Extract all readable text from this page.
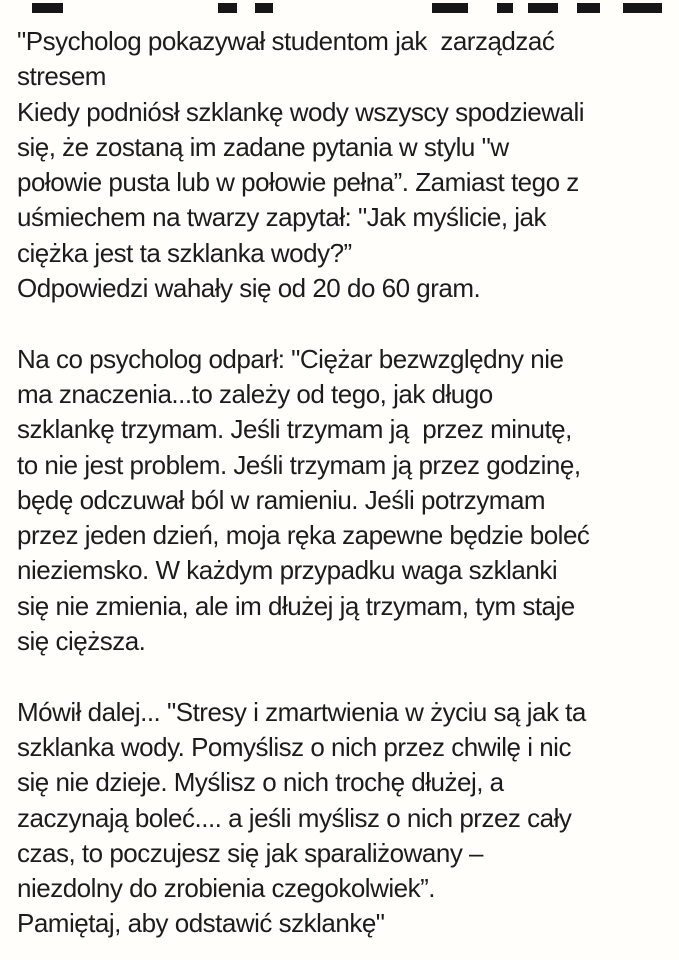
"Psycholog pokazywał studentom jak  zarządzać
stresem
Kiedy podniósł szklankę wody wszyscy spodziewali
się, że zostaną im zadane pytania w stylu "w
połowie pusta lub w połowie pełna”. Zamiast tego z
uśmiechem na twarzy zapytał: "Jak myślicie, jak
ciężka jest ta szklanka wody?”
Odpowiedzi wahały się od 20 do 60 gram.
Na co psycholog odparł: "Ciężar bezwzględny nie
ma znaczenia...to zależy od tego, jak długo
szklankę trzymam. Jeśli trzymam ją  przez minutę,
to nie jest problem. Jeśli trzymam ją przez godzinę,
będę odczuwał ból w ramieniu. Jeśli potrzymam
przez jeden dzień, moja ręka zapewne będzie boleć
nieziemsko. W każdym przypadku waga szklanki
się nie zmienia, ale im dłużej ją trzymam, tym staje
się cięższa.
Mówił dalej... "Stresy i zmartwienia w życiu są jak ta
szklanka wody. Pomyślisz o nich przez chwilę i nic
się nie dzieje. Myślisz o nich trochę dłużej, a
zaczynają boleć.... a jeśli myślisz o nich przez cały
czas, to poczujesz się jak sparaliżowany –
niezdolny do zrobienia czegokolwiek”.
Pamiętaj, aby odstawić szklankę"
